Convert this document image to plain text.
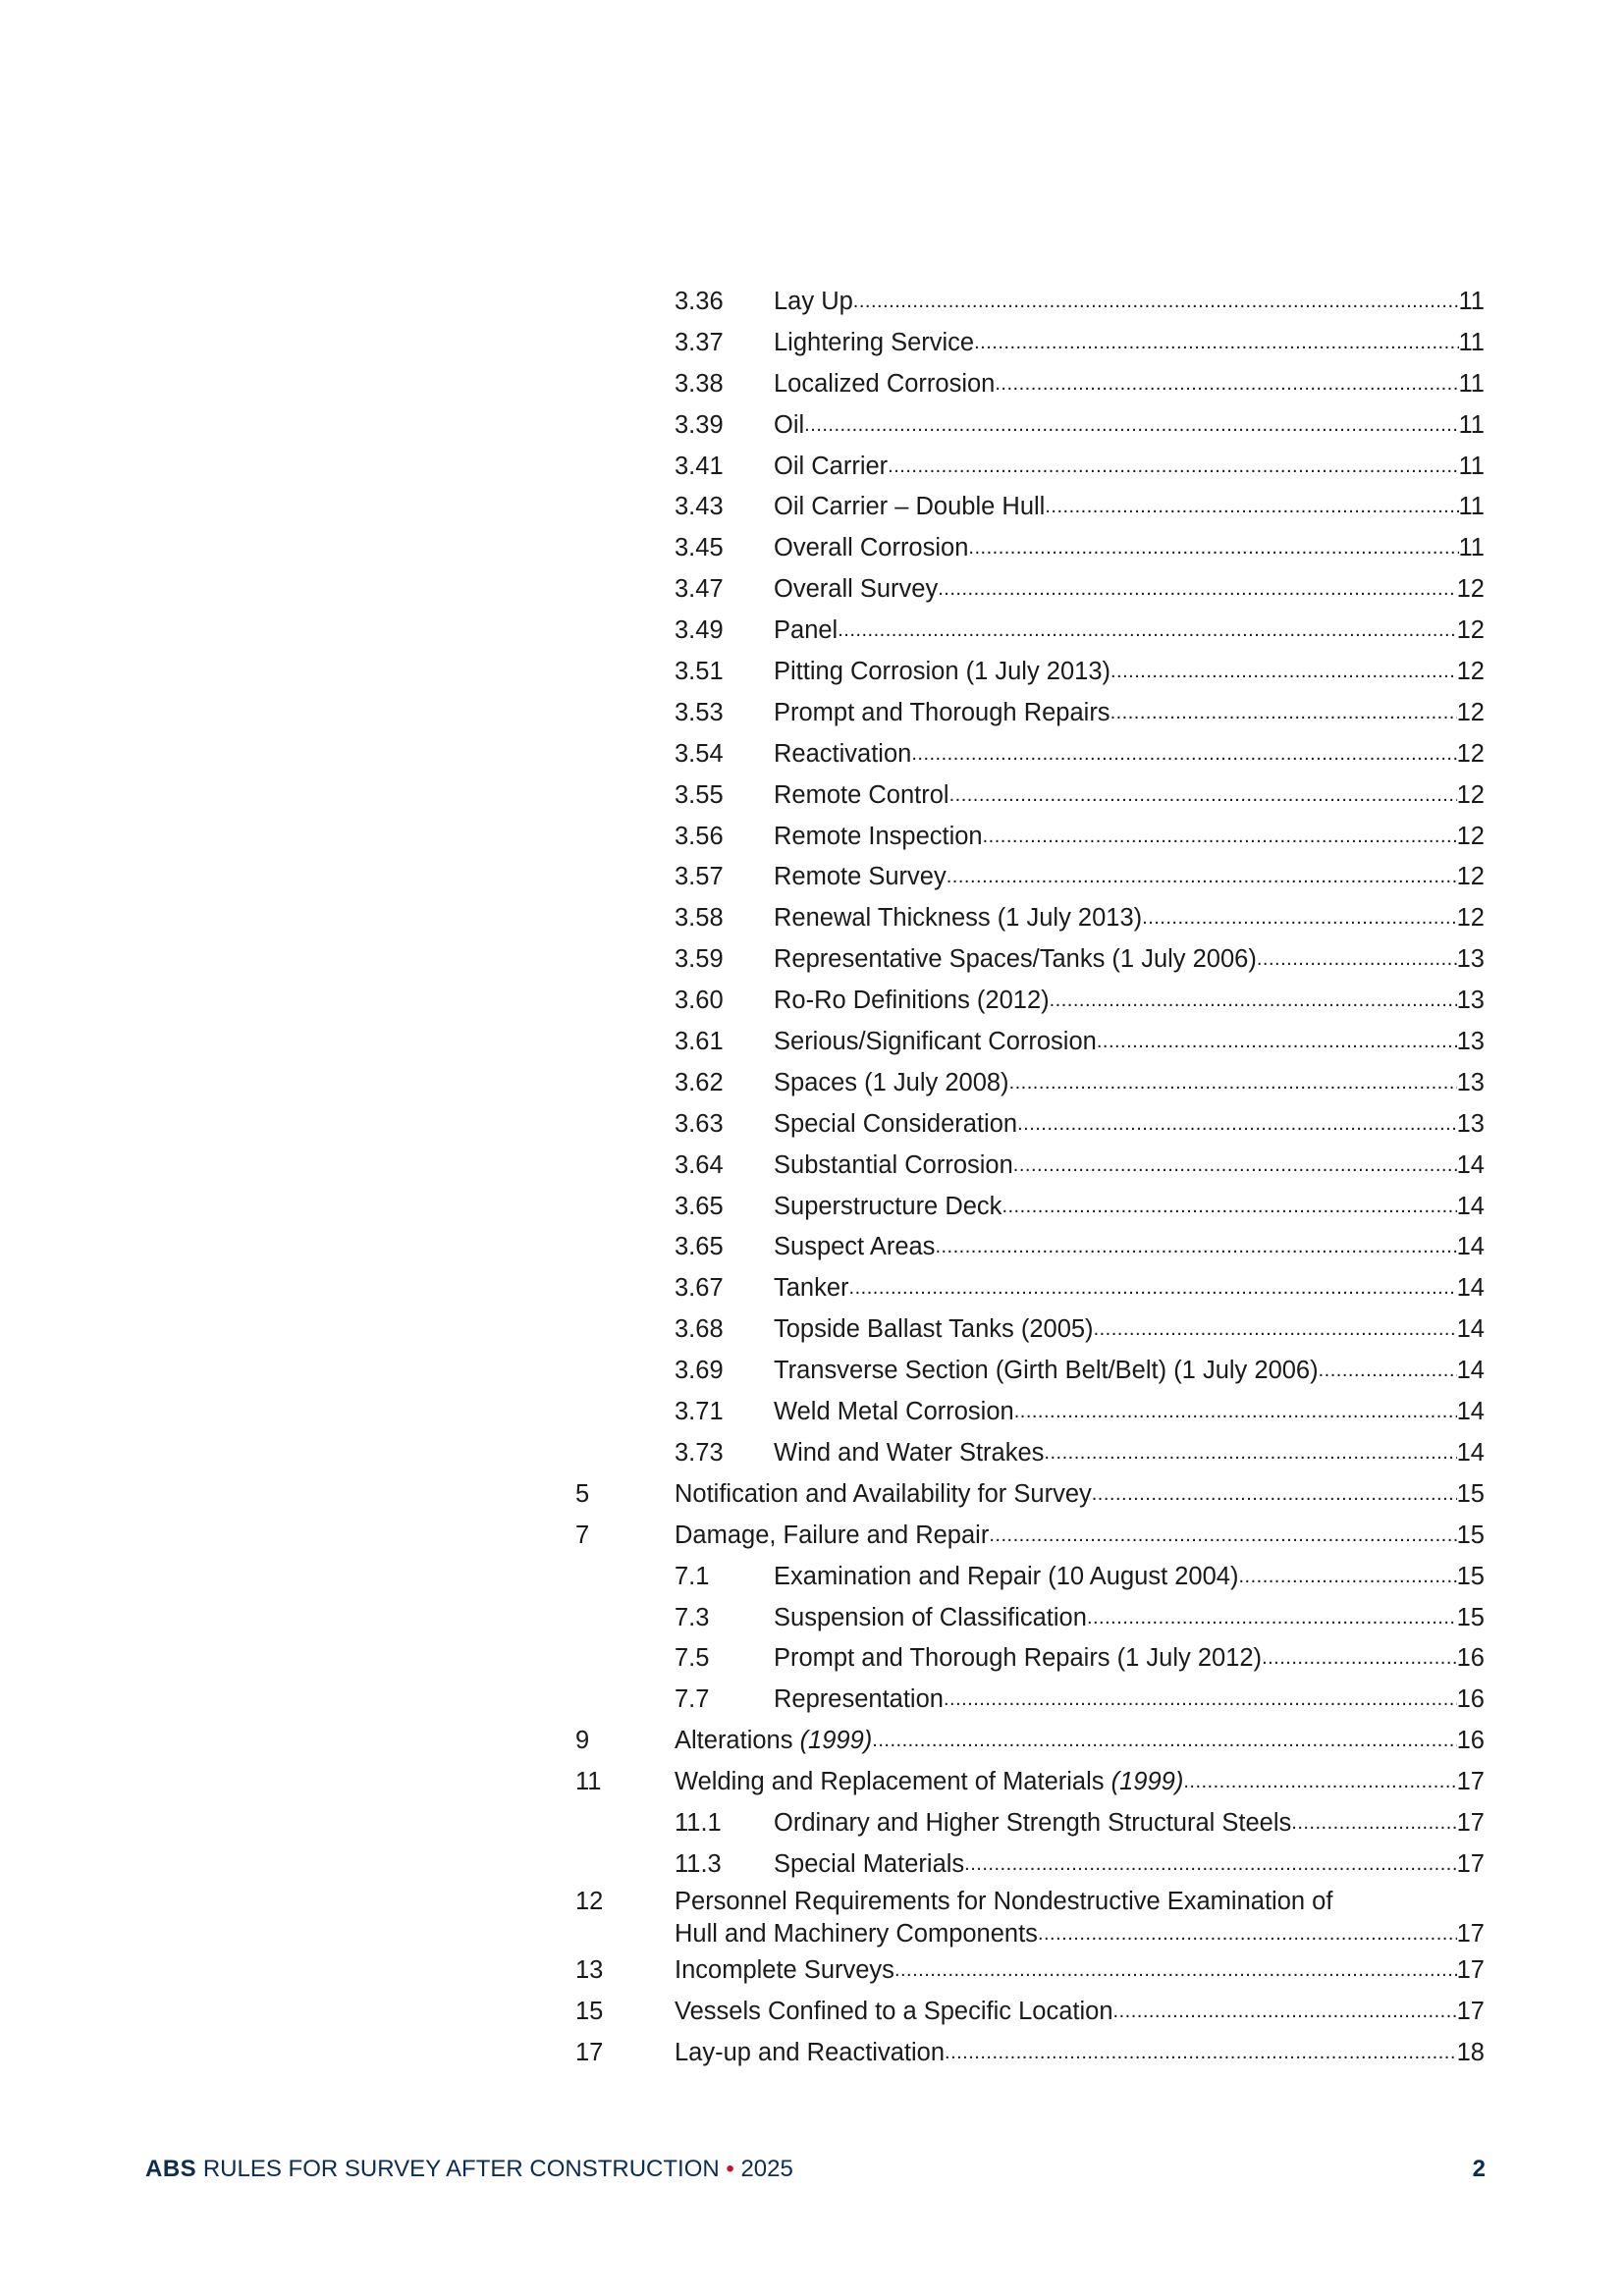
3.36 Lay Up .....	11
3.37 Lightering Service .....	11
3.38 Localized Corrosion .....	11
3.39 Oil .....	11
3.41 Oil Carrier .....	11
3.43 Oil Carrier – Double Hull .....	11
3.45 Overall Corrosion .....	11
3.47 Overall Survey .....	12
3.49 Panel .....	12
3.51 Pitting Corrosion (1 July 2013) .....	12
3.53 Prompt and Thorough Repairs .....	12
3.54 Reactivation .....	12
3.55 Remote Control .....	12
3.56 Remote Inspection .....	12
3.57 Remote Survey .....	12
3.58 Renewal Thickness (1 July 2013) .....	12
3.59 Representative Spaces/Tanks (1 July 2006) .....	13
3.60 Ro-Ro Definitions (2012) .....	13
3.61 Serious/Significant Corrosion .....	13
3.62 Spaces (1 July 2008) .....	13
3.63 Special Consideration .....	13
3.64 Substantial Corrosion .....	14
3.65 Superstructure Deck .....	14
3.65 Suspect Areas .....	14
3.67 Tanker .....	14
3.68 Topside Ballast Tanks (2005) .....	14
3.69 Transverse Section (Girth Belt/Belt) (1 July 2006) .....	14
3.71 Weld Metal Corrosion .....	14
3.73 Wind and Water Strakes .....	14
5	Notification and Availability for Survey .....	15
7	Damage, Failure and Repair .....	15
7.1	Examination and Repair (10 August 2004) .....	15
7.3	Suspension of Classification .....	15
7.5	Prompt and Thorough Repairs (1 July 2012) .....	16
7.7	Representation .....	16
9	Alterations (1999) .....	16
11	Welding and Replacement of Materials (1999) .....	17
11.1 Ordinary and Higher Strength Structural Steels .....	17
11.3 Special Materials .....	17
12	Personnel Requirements for Nondestructive Examination of
Hull and Machinery Components .....	17
13	Incomplete Surveys .....	17
15	Vessels Confined to a Specific Location .....	17
17	Lay-up and Reactivation .....	18
ABS RULES FOR SURVEY AFTER CONSTRUCTION • 2025	2
